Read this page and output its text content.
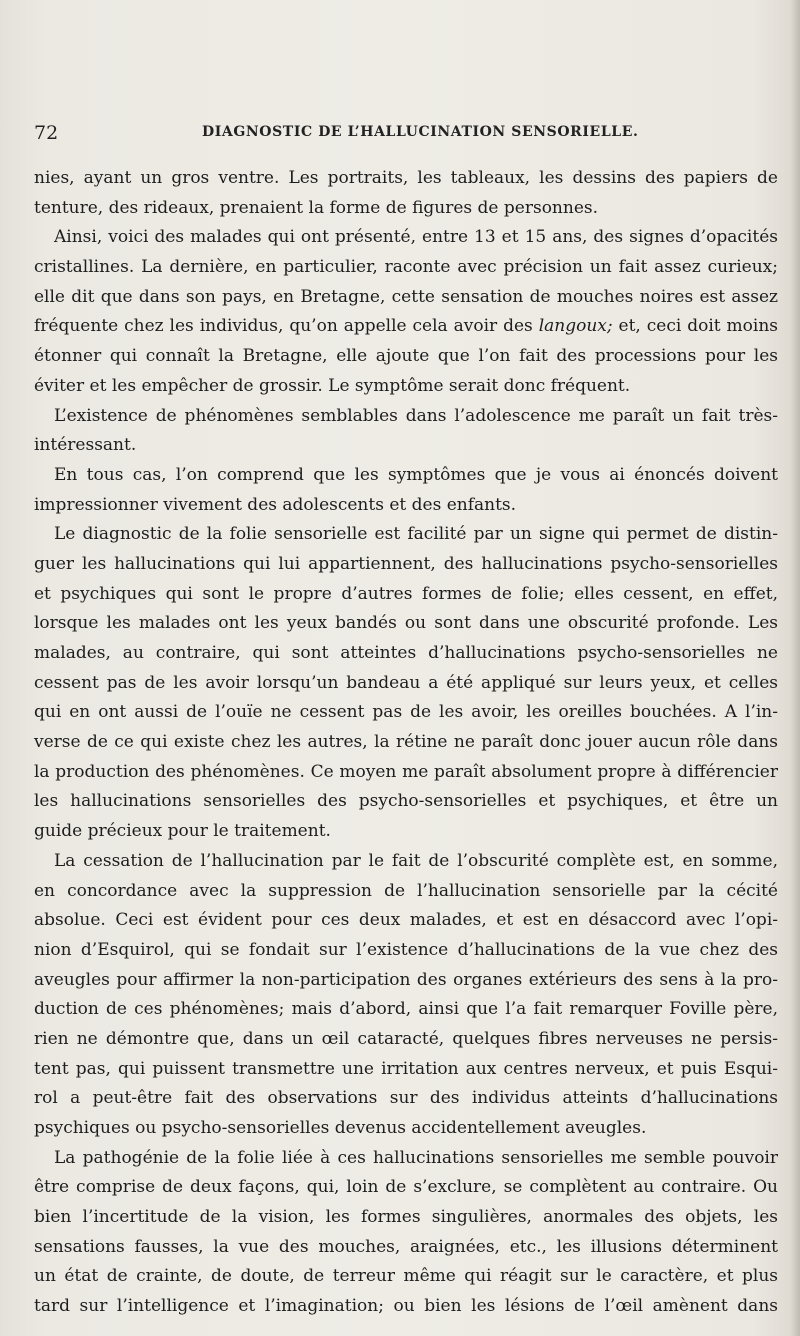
72	DIAGNOSTIC DE L’HALLUCINATION SENSORIELLE.
nies, ayant un gros ventre. Les portraits, les tableaux, les dessins des papiers de
tenture, des rideaux, prenaient la forme de figures de personnes.
Ainsi, voici des malades qui ont présenté, entre 13 et 15 ans, des signes d’opacités
cristallines. La dernière, en particulier, raconte avec précision un fait assez curieux;
elle dit que dans son pays, en Bretagne, cette sensation de mouches noires est assez
fréquente chez les individus, qu’on appelle cela avoir des langoux; et, ceci doit moins
étonner qui connaît la Bretagne, elle ajoute que l’on fait des processions pour les
éviter et les empêcher de grossir. Le symptôme serait donc fréquent.
L’existence de phénomènes semblables dans l’adolescence me paraît un fait très-
intéressant.
En tous cas, l’on comprend que les symptômes que je vous ai énoncés doivent
impressionner vivement des adolescents et des enfants.
Le diagnostic de la folie sensorielle est facilité par un signe qui permet de distin-
guer les hallucinations qui lui appartiennent, des hallucinations psycho-sensorielles
et psychiques qui sont le propre d’autres formes de folie; elles cessent, en effet,
lorsque les malades ont les yeux bandés ou sont dans une obscurité profonde. Les
malades, au contraire, qui sont atteintes d’hallucinations psycho-sensorielles ne
cessent pas de les avoir lorsqu’un bandeau a été appliqué sur leurs yeux, et celles
qui en ont aussi de l’ouïe ne cessent pas de les avoir, les oreilles bouchées. A l’in-
verse de ce qui existe chez les autres, la rétine ne paraît donc jouer aucun rôle dans
la production des phénomènes. Ce moyen me paraît absolument propre à différencier
les hallucinations sensorielles des psycho-sensorielles et psychiques, et être un
guide précieux pour le traitement.
La cessation de l’hallucination par le fait de l’obscurité complète est, en somme,
en concordance avec la suppression de l’hallucination sensorielle par la cécité
absolue. Ceci est évident pour ces deux malades, et est en désaccord avec l’opi-
nion d’Esquirol, qui se fondait sur l’existence d’hallucinations de la vue chez des
aveugles pour affirmer la non-participation des organes extérieurs des sens à la pro-
duction de ces phénomènes; mais d’abord, ainsi que l’a fait remarquer Foville père,
rien ne démontre que, dans un œil cataracté, quelques fibres nerveuses ne persis-
tent pas, qui puissent transmettre une irritation aux centres nerveux, et puis Esqui-
rol a peut-être fait des observations sur des individus atteints d’hallucinations
psychiques ou psycho-sensorielles devenus accidentellement aveugles.
La pathogénie de la folie liée à ces hallucinations sensorielles me semble pouvoir
être comprise de deux façons, qui, loin de s’exclure, se complètent au contraire. Ou
bien l’incertitude de la vision, les formes singulières, anormales des objets, les
sensations fausses, la vue des mouches, araignées, etc., les illusions déterminent
un état de crainte, de doute, de terreur même qui réagit sur le caractère, et plus
tard sur l’intelligence et l’imagination; ou bien les lésions de l’œil amènent dans
